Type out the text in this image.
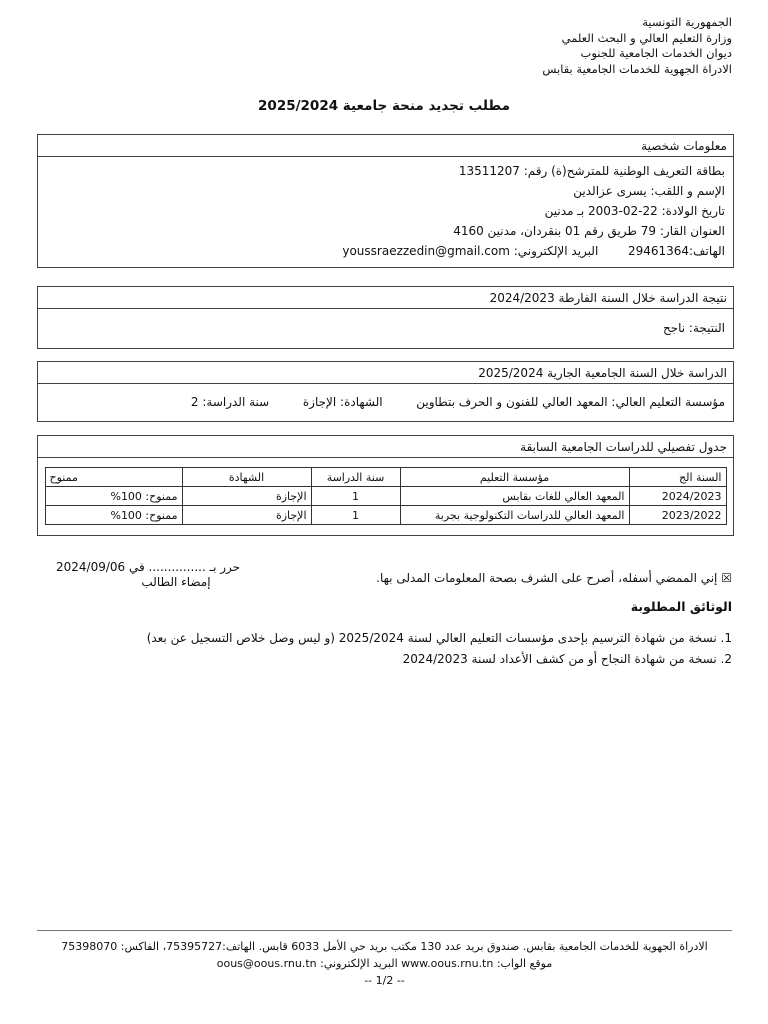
الجمهورية التونسية
وزارة التعليم العالي و البحث العلمي
ديوان الخدمات الجامعية للجنوب
الادراة الجهوية للخدمات الجامعية بقابس
مطلب تجديد منحة جامعية 2025/2024
معلومات شخصية
بطاقة التعريف الوطنية للمترشح(ة) رقم: 13511207
الإسم و اللقب: يسرى عزالدين
تاريخ الولادة: 22-02-2003 بـ مدنين
العنوان القار: 79 طريق رقم 01 بنقردان، مدنين 4160
الهاتف:29461364  البريد الإلكتروني: youssraezzedin@gmail.com
نتيجة الدراسة خلال السنة الفارطة 2024/2023
النتيجة: ناجح
الدراسة خلال السنة الجامعية الجارية 2025/2024
مؤسسة التعليم العالي: المعهد العالي للفنون و الحرف بتطاوين  الشهادة: الإجازة  سنة الدراسة: 2
جدول تفصيلي للدراسات الجامعية السابقة
السنة الج	مؤسسة التعليم	سنة الدراسة	الشهادة	ممنوح
2024/2023	المعهد العالي للغات بقابس	1	الإجازة	ممنوح: 100%
2023/2022	المعهد العالي للدراسات التكنولوجية بجربة	1	الإجازة	ممنوح: 100%
☒ إني الممضي أسفله، أصرح على الشرف بصحة المعلومات المدلى بها.
حرر بـ ............... في 2024/09/06
إمضاء الطالب
الوثائق المطلوبة
1. نسخة من شهادة الترسيم بإحدى مؤسسات التعليم العالي لسنة 2025/2024 (و ليس وصل خلاص التسجيل عن بعد)
2. نسخة من شهادة النجاح أو من كشف الأعداد لسنة 2024/2023
الادراة الجهوية للخدمات الجامعية بقابس. صندوق بريد عدد 130 مكتب بريد حي الأمل 6033 قابس. الهاتف:75395727، الفاكس: 75398070
موقع الواب: www.oous.rnu.tn البريد الإلكتروني: oous@oous.rnu.tn
-- 1/2 --
